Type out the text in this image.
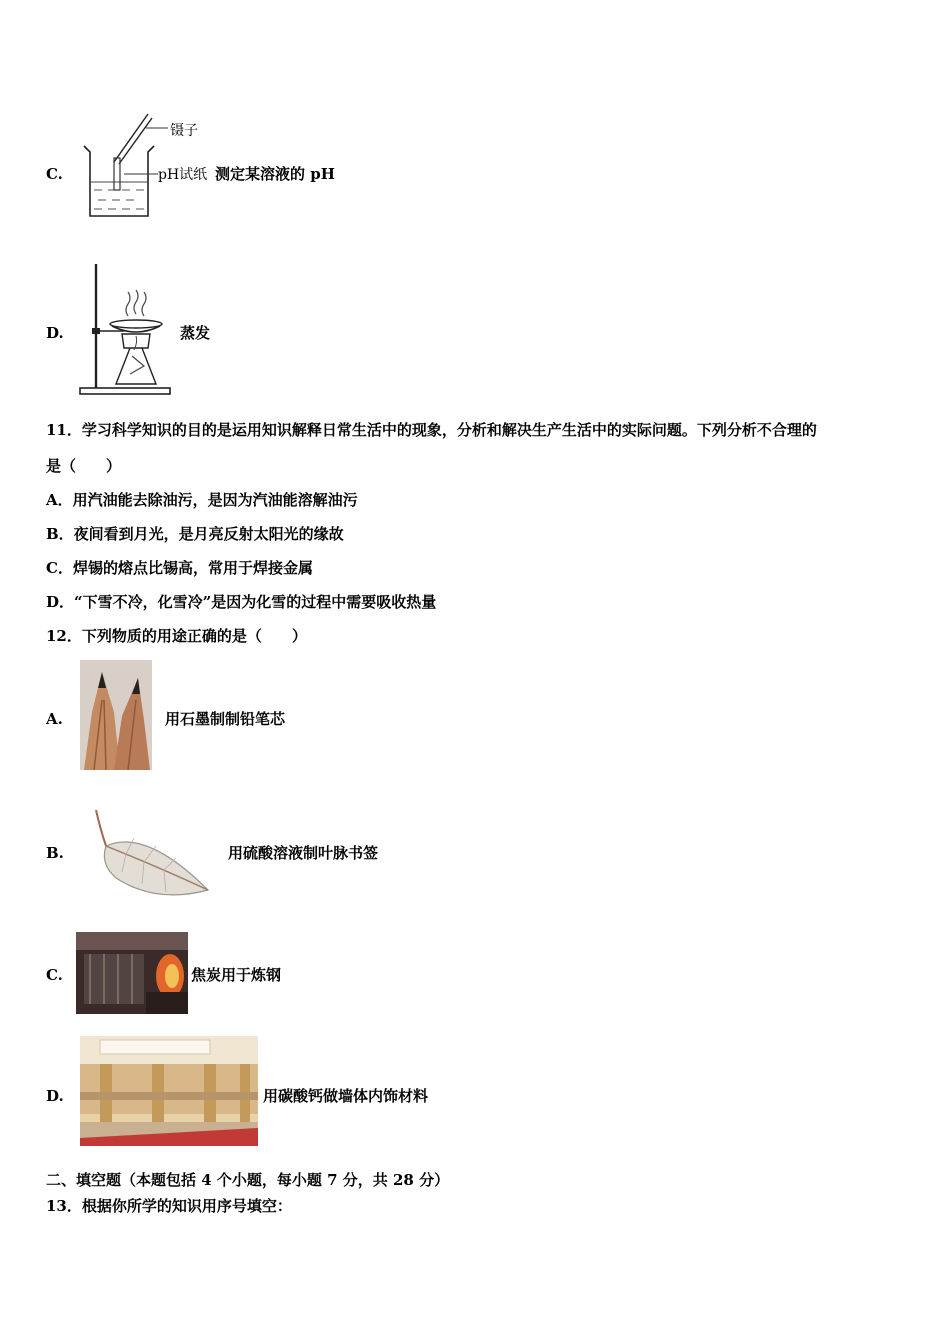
C.
镊子
pH试纸 测定某溶液的 pH
D.	蒸发
11．学习科学知识的目的是运用知识解释日常生活中的现象，分析和解决生产生活中的实际问题。下列分析不合理的
是（　　）
A．用汽油能去除油污，是因为汽油能溶解油污
B．夜间看到月光，是月亮反射太阳光的缘故
C．焊锡的熔点比锡高，常用于焊接金属
D．“下雪不冷，化雪冷”是因为化雪的过程中需要吸收热量
12．下列物质的用途正确的是（　　）
A.	用石墨制制铅笔芯
B.	用硫酸溶液制叶脉书签
C.	焦炭用于炼钢
D.	用碳酸钙做墙体内饰材料
二、填空题（本题包括 4 个小题，每小题 7 分，共 28 分）
13．根据你所学的知识用序号填空：
